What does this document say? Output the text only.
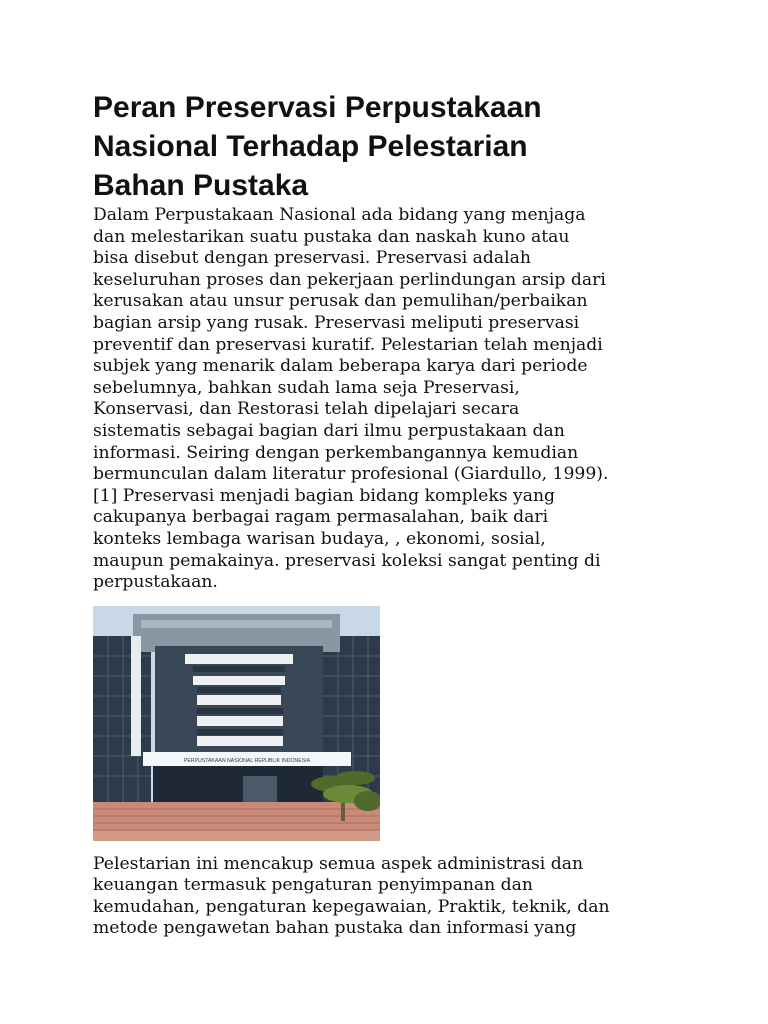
Peran Preservasi Perpustakaan
Nasional Terhadap Pelestarian
Bahan Pustaka

Dalam Perpustakaan Nasional ada bidang yang menjaga
dan melestarikan suatu pustaka dan naskah kuno atau
bisa disebut dengan preservasi. Preservasi adalah
keseluruhan proses dan pekerjaan perlindungan arsip dari
kerusakan atau unsur perusak dan pemulihan/perbaikan
bagian arsip yang rusak. Preservasi meliputi preservasi
preventif dan preservasi kuratif. Pelestarian telah menjadi
subjek yang menarik dalam beberapa karya dari periode
sebelumnya, bahkan sudah lama seja Preservasi,
Konservasi, dan Restorasi telah dipelajari secara
sistematis sebagai bagian dari ilmu perpustakaan dan
informasi. Seiring dengan perkembangannya kemudian
bermunculan dalam literatur profesional (Giardullo, 1999).
[1] Preservasi menjadi bagian bidang kompleks yang
cakupanya berbagai ragam permasalahan, baik dari
konteks lembaga warisan budaya, , ekonomi, sosial,
maupun pemakainya. preservasi koleksi sangat penting di
perpustakaan.

PERPUSTAKAAN NASIONAL REPUBLIK INDONESIA

Pelestarian ini mencakup semua aspek administrasi dan
keuangan termasuk pengaturan penyimpanan dan
kemudahan, pengaturan kepegawaian, Praktik, teknik, dan
metode pengawetan bahan pustaka dan informasi yang
